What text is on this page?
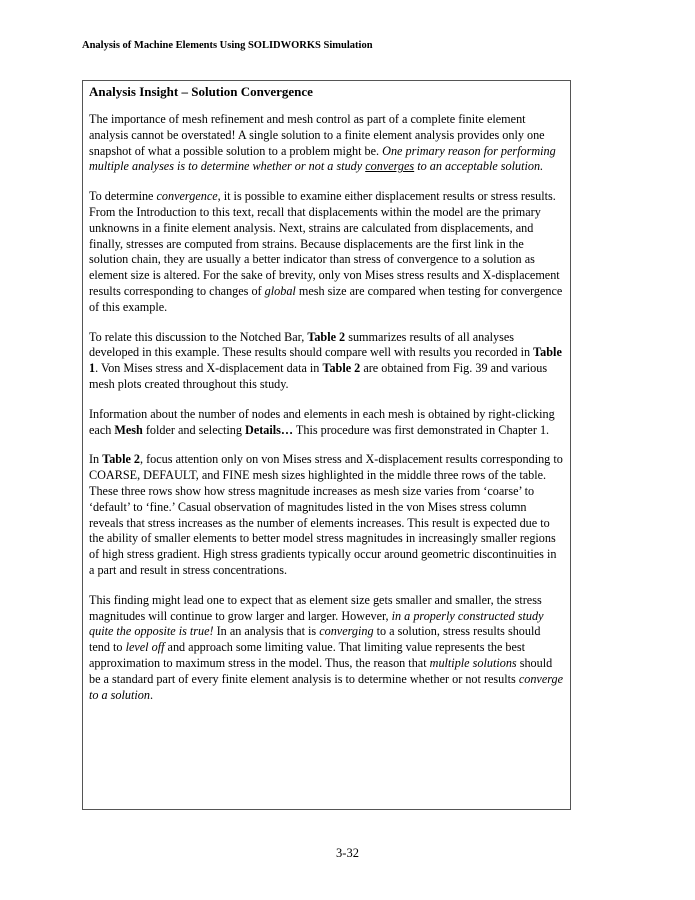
Analysis of Machine Elements Using SOLIDWORKS Simulation
Analysis Insight – Solution Convergence

The importance of mesh refinement and mesh control as part of a complete finite element analysis cannot be overstated! A single solution to a finite element analysis provides only one snapshot of what a possible solution to a problem might be. One primary reason for performing multiple analyses is to determine whether or not a study converges to an acceptable solution.

To determine convergence, it is possible to examine either displacement results or stress results. From the Introduction to this text, recall that displacements within the model are the primary unknowns in a finite element analysis. Next, strains are calculated from displacements, and finally, stresses are computed from strains. Because displacements are the first link in the solution chain, they are usually a better indicator than stress of convergence to a solution as element size is altered. For the sake of brevity, only von Mises stress results and X-displacement results corresponding to changes of global mesh size are compared when testing for convergence of this example.

To relate this discussion to the Notched Bar, Table 2 summarizes results of all analyses developed in this example. These results should compare well with results you recorded in Table 1. Von Mises stress and X-displacement data in Table 2 are obtained from Fig. 39 and various mesh plots created throughout this study.

Information about the number of nodes and elements in each mesh is obtained by right-clicking each Mesh folder and selecting Details… This procedure was first demonstrated in Chapter 1.

In Table 2, focus attention only on von Mises stress and X-displacement results corresponding to COARSE, DEFAULT, and FINE mesh sizes highlighted in the middle three rows of the table. These three rows show how stress magnitude increases as mesh size varies from ‘coarse’ to ‘default’ to ‘fine.’ Casual observation of magnitudes listed in the von Mises stress column reveals that stress increases as the number of elements increases. This result is expected due to the ability of smaller elements to better model stress magnitudes in increasingly smaller regions of high stress gradient. High stress gradients typically occur around geometric discontinuities in a part and result in stress concentrations.

This finding might lead one to expect that as element size gets smaller and smaller, the stress magnitudes will continue to grow larger and larger. However, in a properly constructed study quite the opposite is true! In an analysis that is converging to a solution, stress results should tend to level off and approach some limiting value. That limiting value represents the best approximation to maximum stress in the model. Thus, the reason that multiple solutions should be a standard part of every finite element analysis is to determine whether or not results converge to a solution.

3-32
